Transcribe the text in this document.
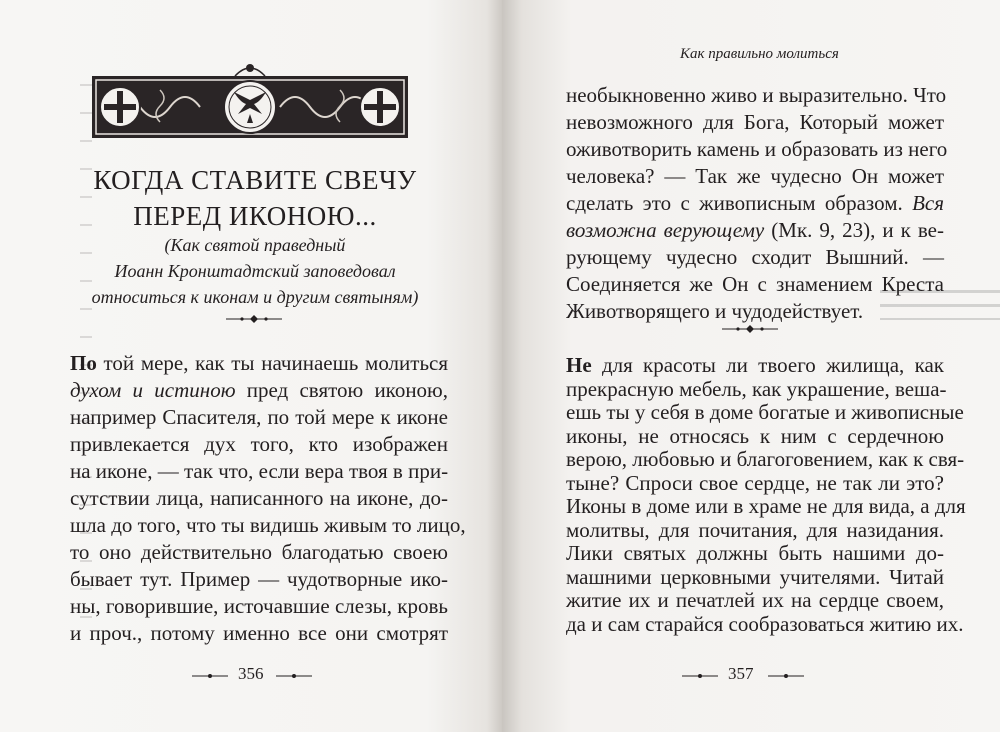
КОГДА СТАВИТЕ СВЕЧУ
ПЕРЕД ИКОНОЮ...
(Как святой праведный
Иоанн Кронштадтский заповедовал
относиться к иконам и другим святыням)
По той мере, как ты начинаешь молиться
духом и истиною пред святою иконою,
например Спасителя, по той мере к иконе
привлекается дух того, кто изображен
на иконе, — так что, если вера твоя в при-
сутствии лица, написанного на иконе, до-
шла до того, что ты видишь живым то лицо,
то оно действительно благодатью своею
бывает тут. Пример — чудотворные ико-
ны, говорившие, источавшие слезы, кровь
и проч., потому именно все они смотрят
356
Как правильно молиться
необыкновенно живо и выразительно. Что
невозможного для Бога, Который может
оживотворить камень и образовать из него
человека? — Так же чудесно Он может
сделать это с живописным образом. Вся
возможна верующему (Мк. 9, 23), и к ве-
рующему чудесно сходит Вышний. —
Соединяется же Он с знамением Креста
Животворящего и чудодействует.
Не для красоты ли твоего жилища, как
прекрасную мебель, как украшение, веша-
ешь ты у себя в доме богатые и живописные
иконы, не относясь к ним с сердечною
верою, любовью и благоговением, как к свя-
тыне? Спроси свое сердце, не так ли это?
Иконы в доме или в храме не для вида, а для
молитвы, для почитания, для назидания.
Лики святых должны быть нашими до-
машними церковными учителями. Читай
житие их и печатлей их на сердце своем,
357
да и сам старайся сообразоваться житию их.
